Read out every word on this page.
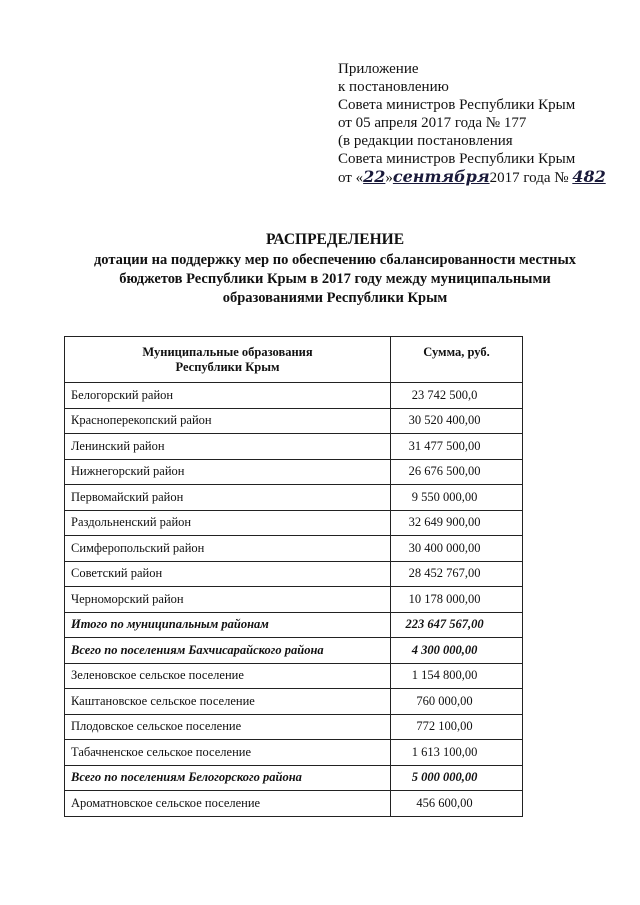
Приложение
к постановлению
Совета министров Республики Крым
от 05 апреля 2017 года № 177
(в редакции постановления
Совета министров Республики Крым
от «22»сентября2017 года № 482
РАСПРЕДЕЛЕНИЕ
дотации на поддержку мер по обеспечению сбалансированности местных
бюджетов Республики Крым в 2017 году между муниципальными
образованиями Республики Крым
Муниципальные образования
Республики Крым	Сумма, руб.
Белогорский район	23 742 500,0
Красноперекопский район	30 520 400,00
Ленинский район	31 477 500,00
Нижнегорский район	26 676 500,00
Первомайский район	9 550 000,00
Раздольненский район	32 649 900,00
Симферопольский район	30 400 000,00
Советский район	28 452 767,00
Черноморский район	10 178 000,00
Итого по муниципальным районам	223 647 567,00
Всего по поселениям Бахчисарайского района	4 300 000,00
Зеленовское сельское поселение	1 154 800,00
Каштановское сельское поселение	760 000,00
Плодовское сельское поселение	772 100,00
Табачненское сельское поселение	1 613 100,00
Всего по поселениям Белогорского района	5 000 000,00
Ароматновское сельское поселение	456 600,00
